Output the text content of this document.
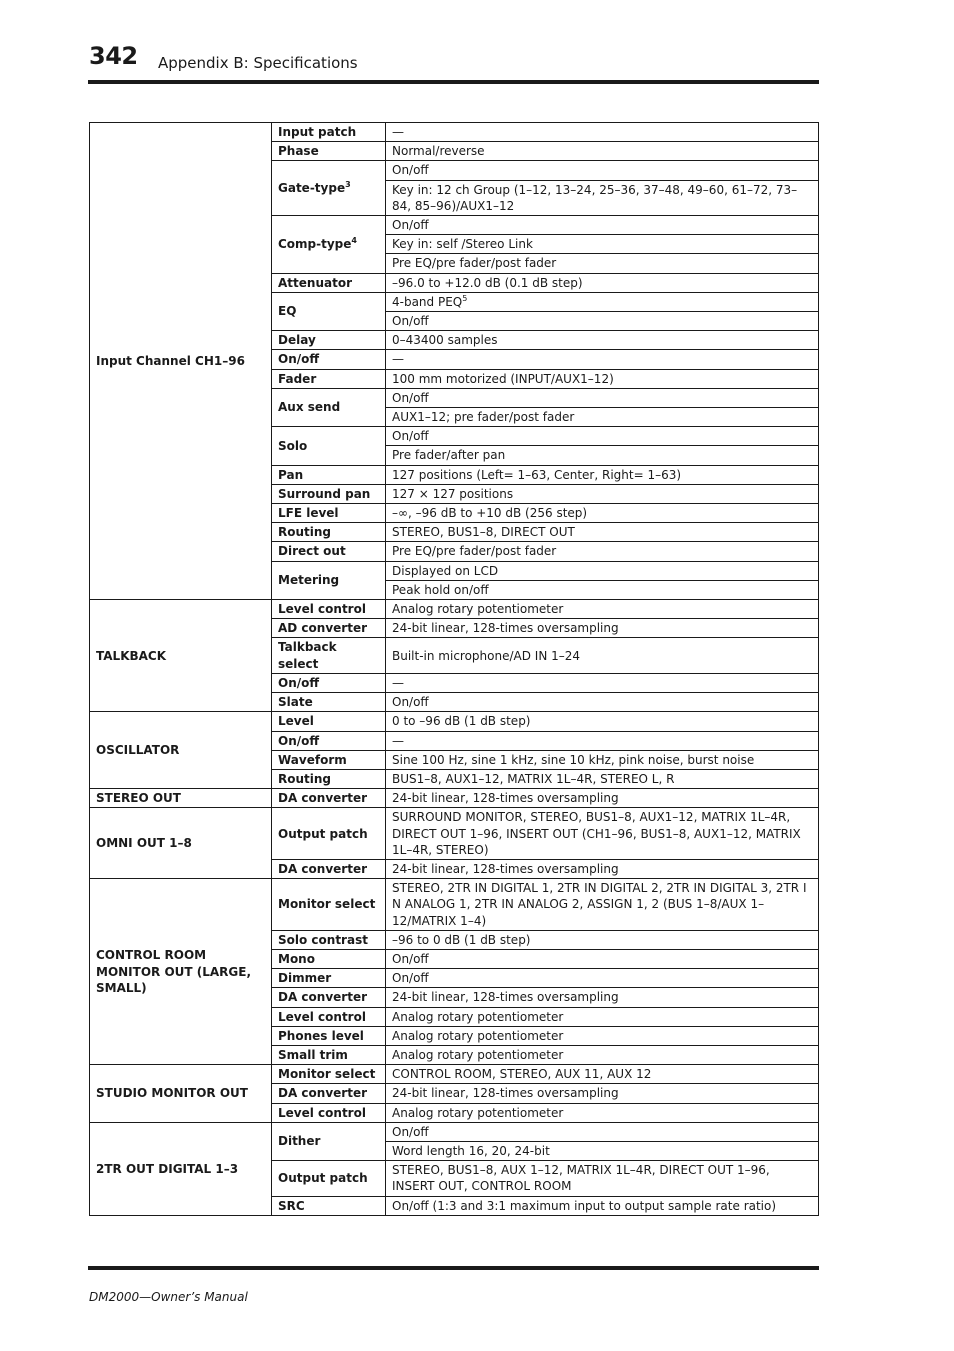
342 Appendix B: Specifications
Input Channel CH1–96	Input patch	—
	Phase	Normal/reverse
	Gate-type$^3$	On/off
		Key in: 12 ch Group (1–12, 13–24, 25–36, 37–48, 49–60, 61–72, 73–84, 85–96)/AUX1–12
	Comp-type$^4$	On/off
		Key in: self /Stereo Link
		Pre EQ/pre fader/post fader
	Attenuator	–96.0 to +12.0 dB (0.1 dB step)
	EQ	4-band PEQ$^5$
		On/off
	Delay	0–43400 samples
	On/off	—
	Fader	100 mm motorized (INPUT/AUX1–12)
	Aux send	On/off
		AUX1–12; pre fader/post fader
	Solo	On/off
		Pre fader/after pan
	Pan	127 positions (Left= 1–63, Center, Right= 1–63)
	Surround pan	127 × 127 positions
	LFE level	–∞, –96 dB to +10 dB (256 step)
	Routing	STEREO, BUS1–8, DIRECT OUT
	Direct out	Pre EQ/pre fader/post fader
	Metering	Displayed on LCD
		Peak hold on/off
TALKBACK	Level control	Analog rotary potentiometer
	AD converter	24-bit linear, 128-times oversampling
	Talkback select	Built-in microphone/AD IN 1–24
	On/off	—
	Slate	On/off
OSCILLATOR	Level	0 to –96 dB (1 dB step)
	On/off	—
	Waveform	Sine 100 Hz, sine 1 kHz, sine 10 kHz, pink noise, burst noise
	Routing	BUS1–8, AUX1–12, MATRIX 1L–4R, STEREO L, R
STEREO OUT	DA converter	24-bit linear, 128-times oversampling
OMNI OUT 1–8	Output patch	SURROUND MONITOR, STEREO, BUS1–8, AUX1–12, MATRIX 1L–4R, DIRECT OUT 1–96, INSERT OUT (CH1–96, BUS1–8, AUX1–12, MATRIX 1L–4R, STEREO)
	DA converter	24-bit linear, 128-times oversampling
CONTROL ROOM MONITOR OUT (LARGE, SMALL)	Monitor select	STEREO, 2TR IN DIGITAL 1, 2TR IN DIGITAL 2, 2TR IN DIGITAL 3, 2TR I N ANALOG 1, 2TR IN ANALOG 2, ASSIGN 1, 2 (BUS 1–8/AUX 1–12/MATRIX 1–4)
	Solo contrast	–96 to 0 dB (1 dB step)
	Mono	On/off
	Dimmer	On/off
	DA converter	24-bit linear, 128-times oversampling
	Level control	Analog rotary potentiometer
	Phones level	Analog rotary potentiometer
	Small trim	Analog rotary potentiometer
STUDIO MONITOR OUT	Monitor select	CONTROL ROOM, STEREO, AUX 11, AUX 12
	DA converter	24-bit linear, 128-times oversampling
	Level control	Analog rotary potentiometer
2TR OUT DIGITAL 1–3	Dither	On/off
		Word length 16, 20, 24-bit
	Output patch	STEREO, BUS1–8, AUX 1–12, MATRIX 1L–4R, DIRECT OUT 1–96, INSERT OUT, CONTROL ROOM
	SRC	On/off (1:3 and 3:1 maximum input to output sample rate ratio)
DM2000—Owner’s Manual
